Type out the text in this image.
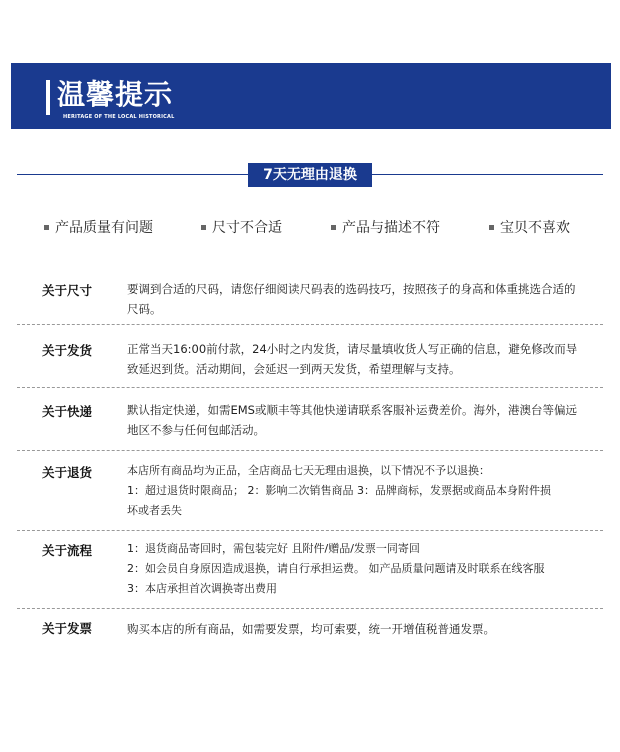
温馨提示
HERITAGE OF THE LOCAL HISTORICAL
7天无理由退换
产品质量有问题	尺寸不合适	产品与描述不符	宝贝不喜欢
关于尺寸	要调到合适的尺码，请您仔细阅读尺码表的选码技巧，按照孩子的身高和体重挑选合适的

尺码。

关于发货	正常当天16:00前付款，24小时之内发货，请尽量填收货人写正确的信息，避免修改而导

致延迟到货。活动期间，会延迟一到两天发货，希望理解与支持。

关于快递	默认指定快递，如需EMS或顺丰等其他快递请联系客服补运费差价。海外，港澳台等偏远

地区不参与任何包邮活动。

关于退货	本店所有商品均为正品，全店商品七天无理由退换，以下情况不予以退换：

1：超过退货时限商品； 2：影响二次销售商品 3：品牌商标，发票据或商品本身附件损

坏或者丢失

关于流程	1：退货商品寄回时，需包装完好 且附件/赠品/发票一同寄回

2：如会员自身原因造成退换，请自行承担运费。 如产品质量问题请及时联系在线客服

3：本店承担首次调换寄出费用

关于发票	购买本店的所有商品，如需要发票，均可索要，统一开增值税普通发票。
